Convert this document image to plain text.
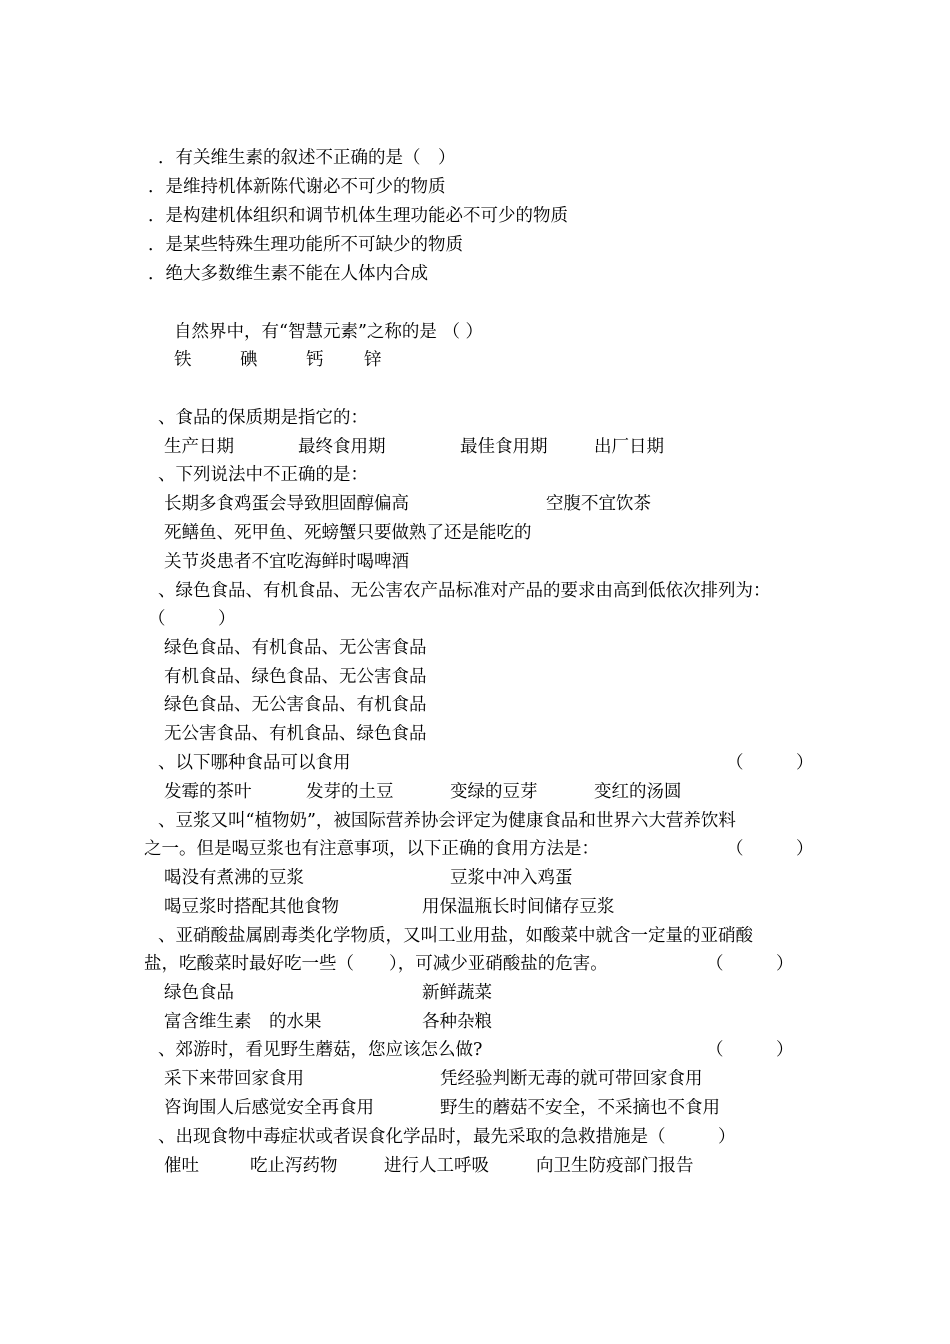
．有关维生素的叙述不正确的是（　）

．是维持机体新陈代谢必不可少的物质

．是构建机体组织和调节机体生理功能必不可少的物质

．是某些特殊生理功能所不可缺少的物质

．绝大多数维生素不能在人体内合成

自然界中，有“智慧元素”之称的是 （ ）

铁	碘	钙 锌

、食品的保质期是指它的：

生产日期	最终食用期	最佳食用期	出厂日期

、下列说法中不正确的是：

长期多食鸡蛋会导致胆固醇偏高	空腹不宜饮茶

死鳝鱼、死甲鱼、死螃蟹只要做熟了还是能吃的

关节炎患者不宜吃海鲜时喝啤酒

、绿色食品、有机食品、无公害农产品标准对产品的要求由高到低依次排列为：

（　　　）

绿色食品、有机食品、无公害食品

有机食品、绿色食品、无公害食品

绿色食品、无公害食品、有机食品

无公害食品、有机食品、绿色食品

、以下哪种食品可以食用	（　　　）

发霉的茶叶	发芽的土豆	变绿的豆芽	变红的汤圆

、豆浆又叫“植物奶”，被国际营养协会评定为健康食品和世界六大营养饮料

之一。但是喝豆浆也有注意事项，以下正确的食用方法是：	（　　　）

喝没有煮沸的豆浆	豆浆中冲入鸡蛋

喝豆浆时搭配其他食物	用保温瓶长时间储存豆浆

、亚硝酸盐属剧毒类化学物质，又叫工业用盐，如酸菜中就含一定量的亚硝酸

盐，吃酸菜时最好吃一些（　　），可减少亚硝酸盐的危害。	（　　　）

绿色食品	新鲜蔬菜

富含维生素　的水果	各种杂粮

、郊游时，看见野生蘑菇，您应该怎么做?	（　　　）

采下来带回家食用	凭经验判断无毒的就可带回家食用

咨询围人后感觉安全再食用	野生的蘑菇不安全，不采摘也不食用

、出现食物中毒症状或者误食化学品时，最先采取的急救措施是（　　　）

催吐	吃止泻药物	进行人工呼吸	向卫生防疫部门报告
